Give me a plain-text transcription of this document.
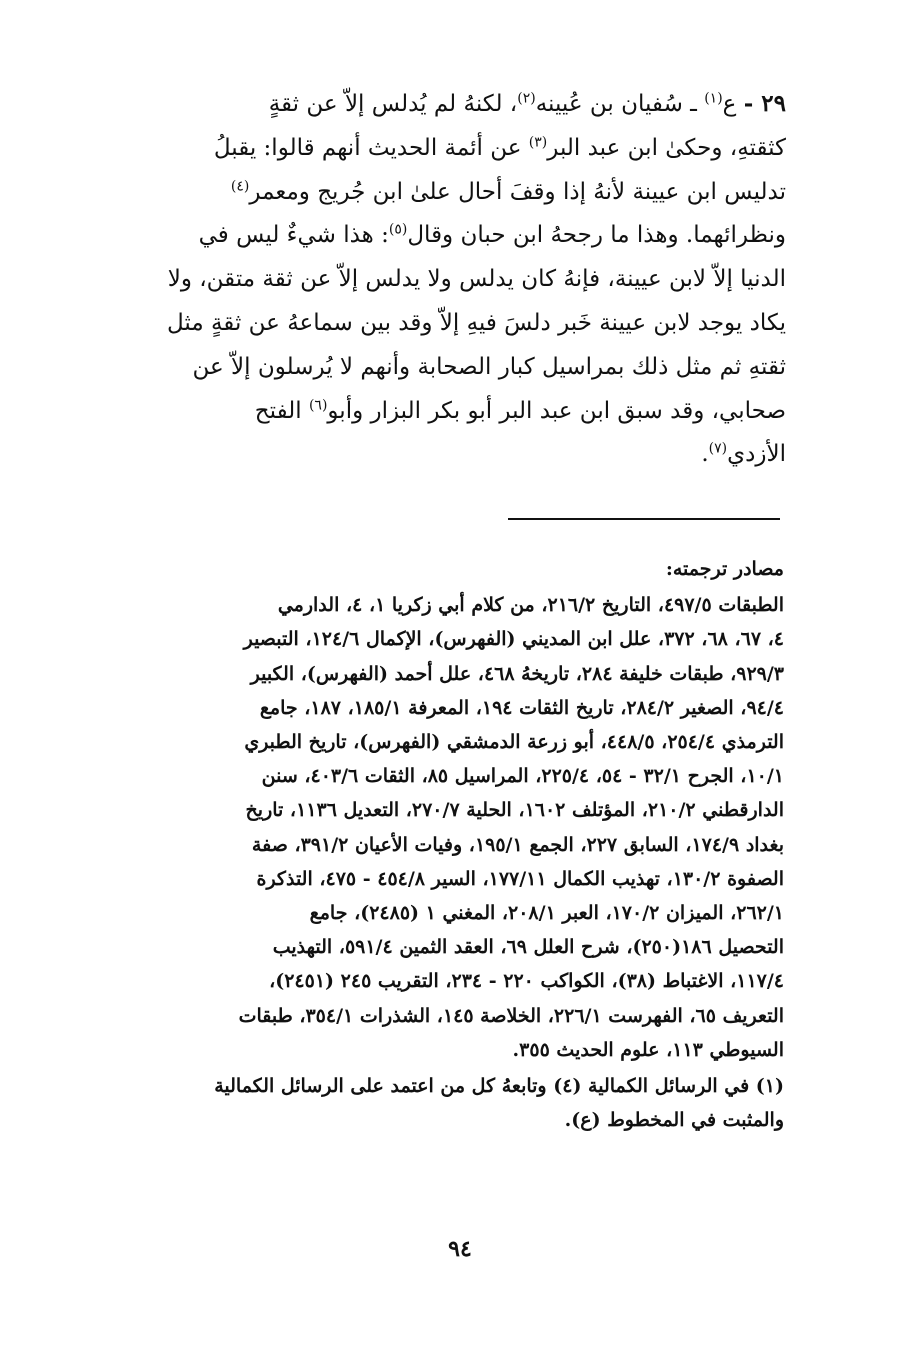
٢٩ - ع$^{(١)}$ ـ سُفيان بن عُيينه$^{(٢)}$، لكنهُ لم يُدلس إلاّ عن ثقةٍ
كثقتهِ، وحكىٰ ابن عبد البر$^{(٣)}$ عن أئمة الحديث أنهم قالوا: يقبلُ
تدليس ابن عيينة لأنهُ إذا وقفَ أحال علىٰ ابن جُريج ومعمر$^{(٤)}$
ونظرائهما. وهذا ما رجحهُ ابن حبان وقال$^{(٥)}$: هذا شيءٌ ليس في
الدنيا إلاّ لابن عيينة، فإنهُ كان يدلس ولا يدلس إلاّ عن ثقة متقن، ولا
يكاد يوجد لابن عيينة خَبر دلسَ فيهِ إلاّ وقد بين سماعهُ عن ثقةٍ مثل
ثقتهِ ثم مثل ذلك بمراسيل كبار الصحابة وأنهم لا يُرسلون إلاّ عن
صحابي، وقد سبق ابن عبد البر أبو بكر البزار وأبو$^{(٦)}$ الفتح
الأزدي$^{(٧)}$.
مصادر ترجمته:
الطبقات ٤٩٧/٥، التاريخ ٢١٦/٢، من كلام أبي زكريا ١، ٤، الدارمي
٤، ٦٧، ٦٨، ٣٧٢، علل ابن المديني (الفهرس)، الإكمال ١٢٤/٦، التبصير
٩٢٩/٣، طبقات خليفة ٢٨٤، تاريخهُ ٤٦٨، علل أحمد (الفهرس)، الكبير
٩٤/٤، الصغير ٢٨٤/٢، تاريخ الثقات ١٩٤، المعرفة ١٨٥/١، ١٨٧، جامع
الترمذي ٢٥٤/٤، ٤٤٨/٥، أبو زرعة الدمشقي (الفهرس)، تاريخ الطبري
١٠/١، الجرح ٣٢/١ - ٥٤، ٢٢٥/٤، المراسيل ٨٥، الثقات ٤٠٣/٦، سنن
الدارقطني ٢١٠/٢، المؤتلف ١٦٠٢، الحلية ٢٧٠/٧، التعديل ١١٣٦، تاريخ
بغداد ١٧٤/٩، السابق ٢٢٧، الجمع ١٩٥/١، وفيات الأعيان ٣٩١/٢، صفة
الصفوة ١٣٠/٢، تهذيب الكمال ١٧٧/١١، السير ٤٥٤/٨ - ٤٧٥، التذكرة
٢٦٢/١، الميزان ١٧٠/٢، العبر ٢٠٨/١، المغني ١ (٢٤٨٥)، جامع
التحصيل ١٨٦(٢٥٠)، شرح العلل ٦٩، العقد الثمين ٥٩١/٤، التهذيب
١١٧/٤، الاغتباط (٣٨)، الكواكب ٢٢٠ - ٢٣٤، التقريب ٢٤٥ (٢٤٥١)،
التعريف ٦٥، الفهرست ٢٢٦/١، الخلاصة ١٤٥، الشذرات ٣٥٤/١، طبقات
السيوطي ١١٣، علوم الحديث ٣٥٥.
(١) في الرسائل الكمالية (٤) وتابعهُ كل من اعتمد على الرسائل الكمالية
والمثبت في المخطوط (ع).
٩٤
